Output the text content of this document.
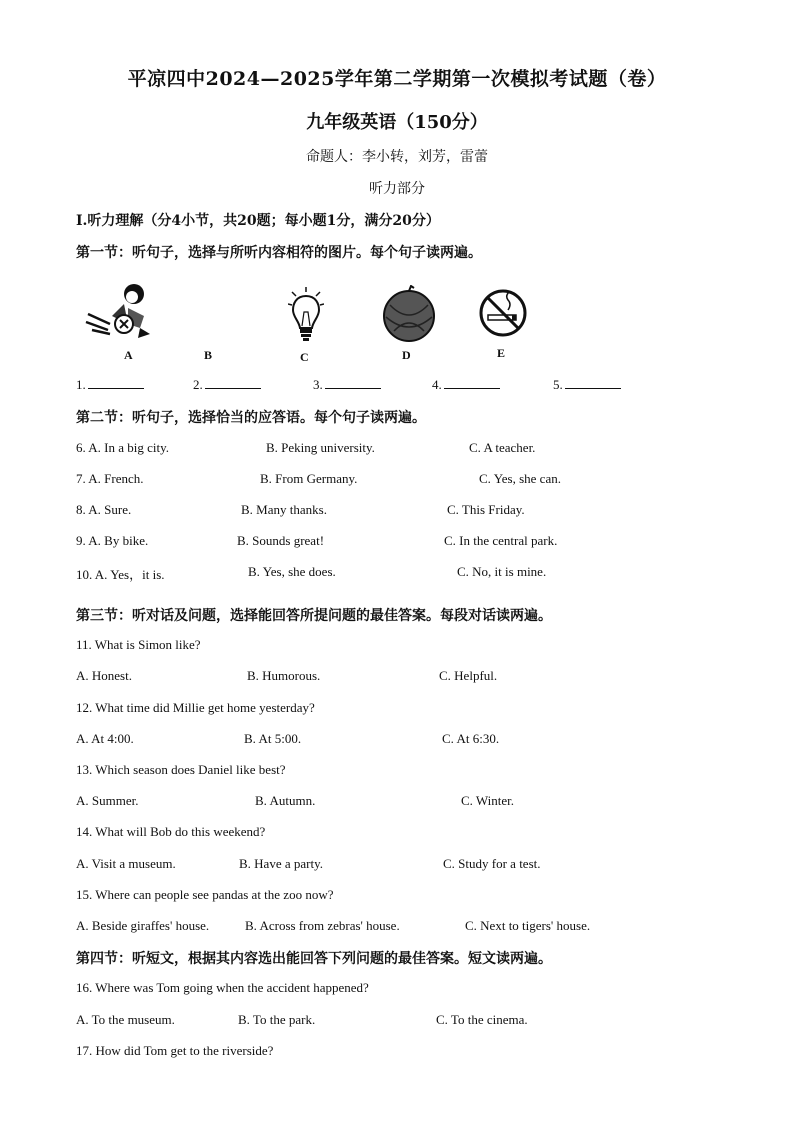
平凉四中2024—2025学年第二学期第一次模拟考试题（卷）
九年级英语（150分）
命题人：李小转，刘芳，雷蕾
听力部分
I.听力理解（分4小节，共20题；每小题1分，满分20分）
第一节：听句子，选择与所听内容相符的图片。每个句子读两遍。
A	B	C	D	E
1.	2.	3.	4.	5.
第二节：听句子，选择恰当的应答语。每个句子读两遍。
6. A. In a big city.	B. Peking university.	C. A teacher.
7. A. French.	B. From Germany.	C. Yes, she can.
8. A. Sure.	B. Many thanks.	C. This Friday.
9. A. By bike.	B. Sounds great!	C. In the central park.
10. A. Yes，it is.	B. Yes, she does.	C. No, it is mine.
第三节：听对话及问题，选择能回答所提问题的最佳答案。每段对话读两遍。
11. What is Simon like?
A. Honest.	B. Humorous.	C. Helpful.
12. What time did Millie get home yesterday?
A. At 4:00.	B. At 5:00.	C. At 6:30.
13. Which season does Daniel like best?
A. Summer.	B. Autumn.	C. Winter.
14. What will Bob do this weekend?
A. Visit a museum.	B. Have a party.	C. Study for a test.
15. Where can people see pandas at the zoo now?
A. Beside giraffes' house.	B. Across from zebras' house.	C. Next to tigers' house.
第四节：听短文，根据其内容选出能回答下列问题的最佳答案。短文读两遍。
16. Where was Tom going when the accident happened?
A. To the museum.	B. To the park.	C. To the cinema.
17. How did Tom get to the riverside?
